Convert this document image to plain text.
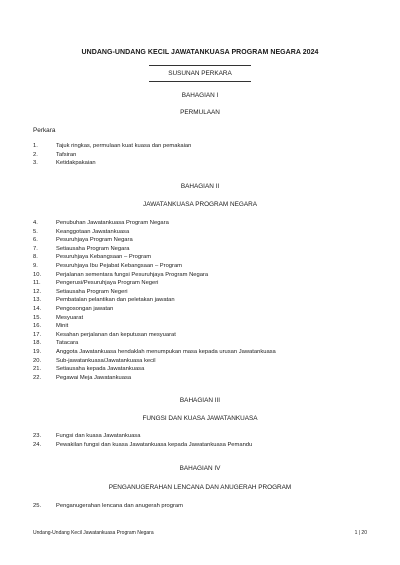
UNDANG-UNDANG KECIL JAWATANKUASA PROGRAM NEGARA 2024
SUSUNAN PERKARA
BAHAGIAN I
PERMULAAN
Perkara
1.	Tajuk ringkas, permulaan kuat kuasa dan pemakaian
2.	Tafsiran
3.	Ketidakpakaian
BAHAGIAN II
JAWATANKUASA PROGRAM NEGARA
4.	Penubuhan Jawatankuasa Program Negara
5.	Keanggotaan Jawatankuasa
6.	Pesuruhjaya Program Negara
7.	Setiausaha Program Negara
8.	Pesuruhjaya Kebangsaan – Program
9.	Pesuruhjaya Ibu Pejabat Kebangsaan – Program
10.	Perjalanan sementara fungsi Pesuruhjaya Program Negara
11.	Pengerusi/Pesuruhjaya Program Negeri
12.	Setiausaha Program Negeri
13.	Pembatalan pelantikan dan peletakan jawatan
14.	Pengosongan jawatan
15.	Mesyuarat
16.	Minit
17.	Kesahan perjalanan dan keputusan mesyuarat
18.	Tatacara
19.	Anggota Jawatankuasa hendaklah menumpukan masa kepada urusan Jawatankuasa
20.	Sub-jawatankuasa/Jawatankuasa kecil
21.	Setiausaha kepada Jawatankuasa
22.	Pegawai Meja Jawatankuasa
BAHAGIAN III
FUNGSI DAN KUASA JAWATANKUASA
23.	Fungsi dan kuasa Jawatankuasa
24.	Pewakilan fungsi dan kuasa Jawatankuasa kepada Jawatankuasa Pemandu
BAHAGIAN IV
PENGANUGERAHAN LENCANA DAN ANUGERAH PROGRAM
25.	Penganugerahan lencana dan anugerah program
Undang-Undang Kecil Jawatankuasa Program Negara	1 | 20
